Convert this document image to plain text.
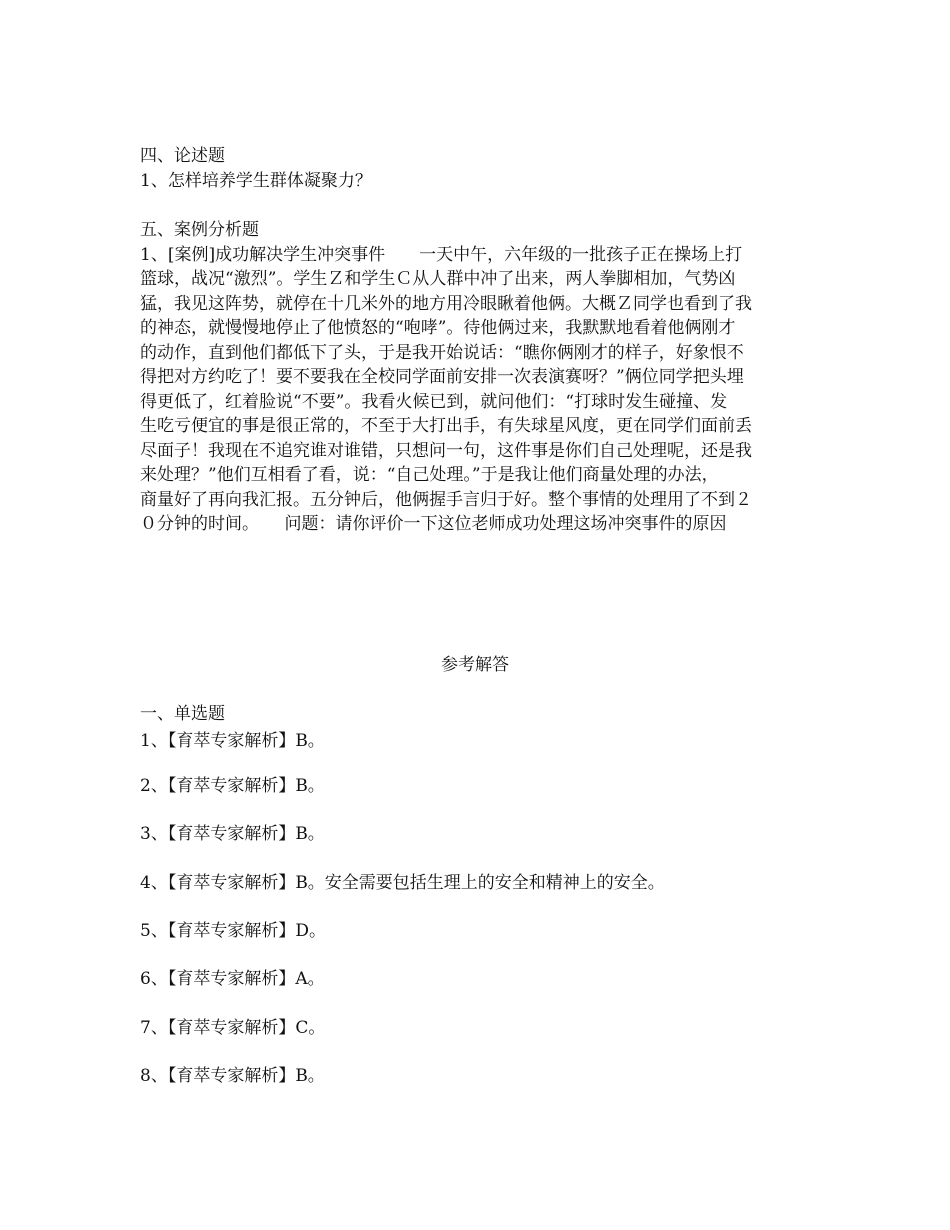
四、论述题
1、怎样培养学生群体凝聚力？
五、案例分析题
1、[案例]成功解决学生冲突事件　　一天中午，六年级的一批孩子正在操场上打
篮球，战况“激烈”。学生Ｚ和学生Ｃ从人群中冲了出来，两人拳脚相加，气势凶
猛，我见这阵势，就停在十几米外的地方用冷眼瞅着他俩。大概Ｚ同学也看到了我
的神态，就慢慢地停止了他愤怒的“咆哮”。待他俩过来，我默默地看着他俩刚才
的动作，直到他们都低下了头，于是我开始说话：“瞧你俩刚才的样子，好象恨不
得把对方约吃了！要不要我在全校同学面前安排一次表演赛呀？”俩位同学把头埋
得更低了，红着脸说“不要”。我看火候已到，就问他们：“打球时发生碰撞、发
生吃亏便宜的事是很正常的，不至于大打出手，有失球星风度，更在同学们面前丢
尽面子！我现在不追究谁对谁错，只想问一句，这件事是你们自己处理呢，还是我
来处理？”他们互相看了看，说：“自己处理。”于是我让他们商量处理的办法，
商量好了再向我汇报。五分钟后，他俩握手言归于好。整个事情的处理用了不到２
０分钟的时间。　　问题：请你评价一下这位老师成功处理这场冲突事件的原因
参考解答
一、单选题
1、【育萃专家解析】B。
2、【育萃专家解析】B。
3、【育萃专家解析】B。
4、【育萃专家解析】B。安全需要包括生理上的安全和精神上的安全。
5、【育萃专家解析】D。
6、【育萃专家解析】A。
7、【育萃专家解析】C。
8、【育萃专家解析】B。
